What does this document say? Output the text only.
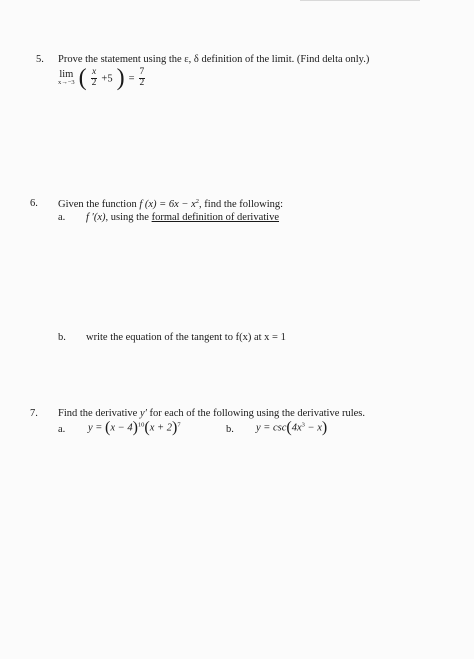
5. Prove the statement using the ε, δ definition of the limit. (Find delta only.)
lim
x→−3 ( $\frac{x}{2} +5$ ) = $\frac{7}{2}$
6. Given the function f $(x) = 6x - x^2$, find the following:
a. f ′(x), using the formal definition of derivative
b. write the equation of the tangent to f(x) at x = 1
7. Find the derivative y′ for each of the following using the derivative rules.
a. $y = (x - 4)^{10}(x + 2)^7$	b. $y = \csc(4x^3 - x)$
